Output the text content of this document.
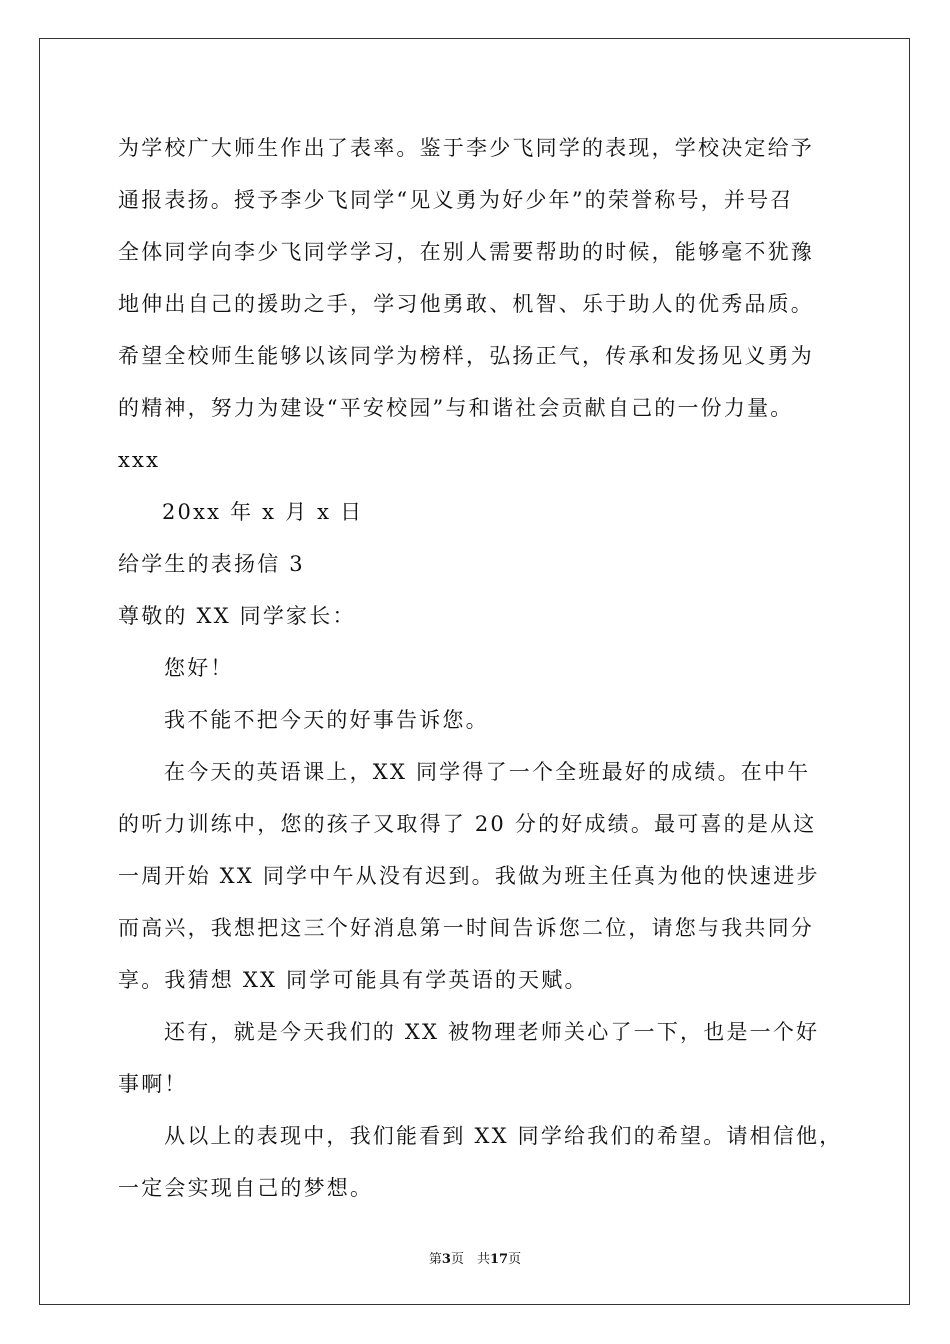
为学校广大师生作出了表率。鉴于李少飞同学的表现，学校决定给予
通报表扬。授予李少飞同学“见义勇为好少年”的荣誉称号，并号召
全体同学向李少飞同学学习，在别人需要帮助的时候，能够毫不犹豫
地伸出自己的援助之手，学习他勇敢、机智、乐于助人的优秀品质。
希望全校师生能够以该同学为榜样，弘扬正气，传承和发扬见义勇为
的精神，努力为建设“平安校园”与和谐社会贡献自己的一份力量。
xxx
20xx 年 x 月 x 日
给学生的表扬信 3
尊敬的 XX 同学家长：
您好！
我不能不把今天的好事告诉您。
在今天的英语课上，XX 同学得了一个全班最好的成绩。在中午
的听力训练中，您的孩子又取得了 20 分的好成绩。最可喜的是从这
一周开始 XX 同学中午从没有迟到。我做为班主任真为他的快速进步
而高兴，我想把这三个好消息第一时间告诉您二位，请您与我共同分
享。我猜想 XX 同学可能具有学英语的天赋。
还有，就是今天我们的 XX 被物理老师关心了一下，也是一个好
事啊！
从以上的表现中，我们能看到 XX 同学给我们的希望。请相信他，
一定会实现自己的梦想。
第3页　共17页
